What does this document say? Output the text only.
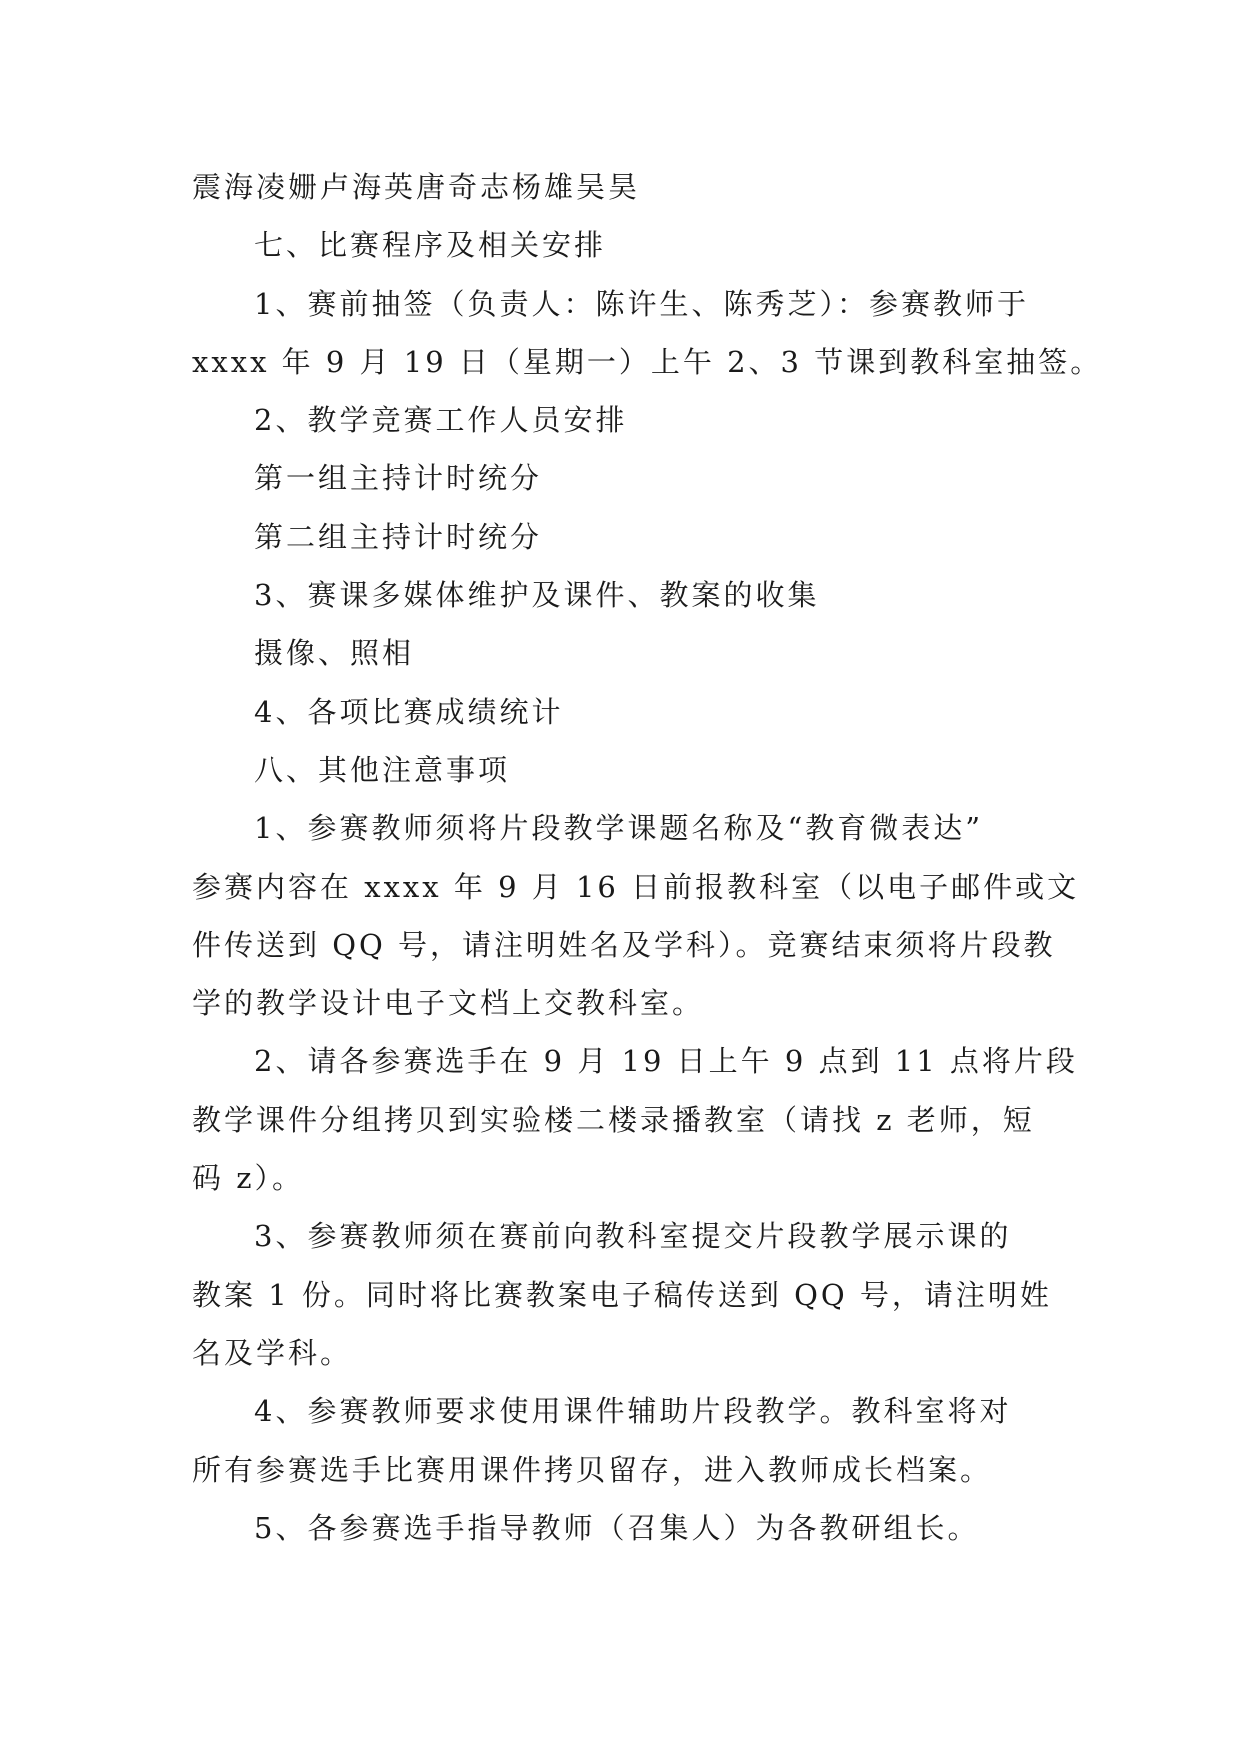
震海凌姗卢海英唐奇志杨雄吴昊
七、比赛程序及相关安排
1、赛前抽签（负责人：陈许生、陈秀芝）：参赛教师于
xxxx 年 9 月 19 日（星期一）上午 2、3 节课到教科室抽签。
2、教学竞赛工作人员安排
第一组主持计时统分
第二组主持计时统分
3、赛课多媒体维护及课件、教案的收集
摄像、照相
4、各项比赛成绩统计
八、其他注意事项
1、参赛教师须将片段教学课题名称及“教育微表达”
参赛内容在 xxxx 年 9 月 16 日前报教科室（以电子邮件或文
件传送到 QQ 号，请注明姓名及学科）。竞赛结束须将片段教
学的教学设计电子文档上交教科室。
2、请各参赛选手在 9 月 19 日上午 9 点到 11 点将片段
教学课件分组拷贝到实验楼二楼录播教室（请找 z 老师，短
码 z）。
3、参赛教师须在赛前向教科室提交片段教学展示课的
教案 1 份。同时将比赛教案电子稿传送到 QQ 号，请注明姓
名及学科。
4、参赛教师要求使用课件辅助片段教学。教科室将对
所有参赛选手比赛用课件拷贝留存，进入教师成长档案。
5、各参赛选手指导教师（召集人）为各教研组长。
